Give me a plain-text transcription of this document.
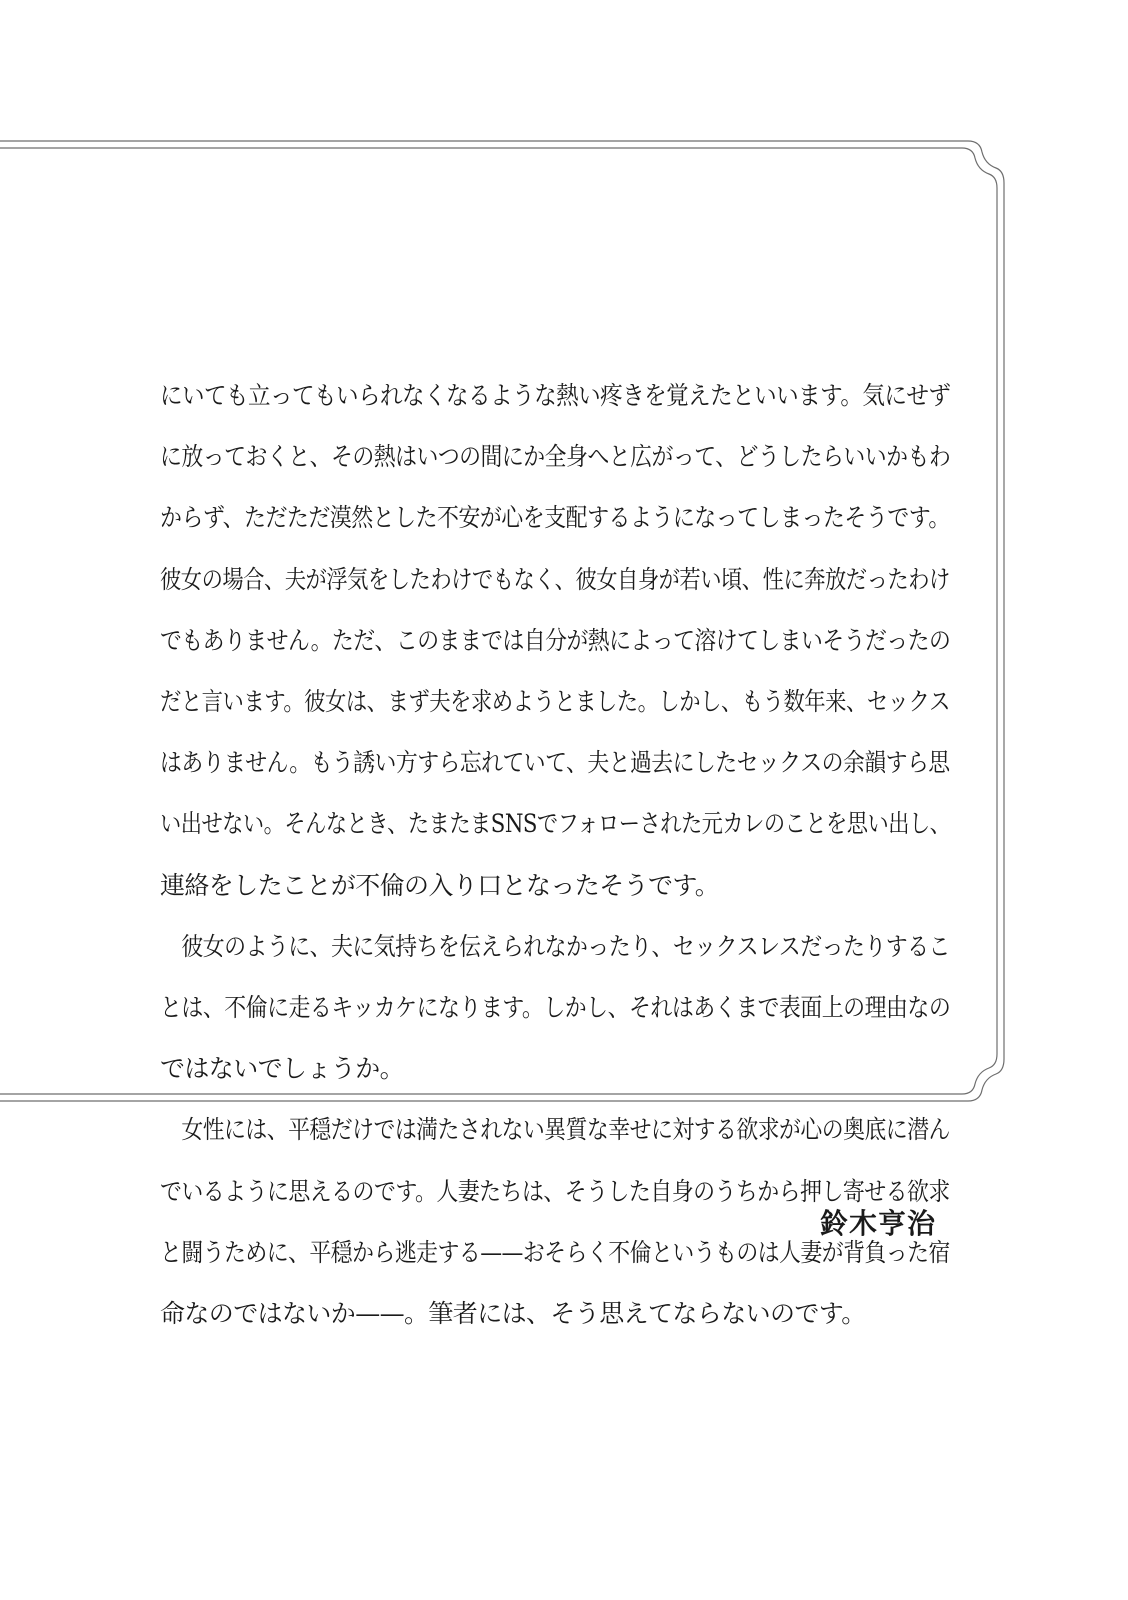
にいても立ってもいられなくなるような熱い疼きを覚えたといいます。気にせず
に放っておくと、その熱はいつの間にか全身へと広がって、どうしたらいいかもわ
からず、ただただ漠然とした不安が心を支配するようになってしまったそうです。
彼女の場合、夫が浮気をしたわけでもなく、彼女自身が若い頃、性に奔放だったわけ
でもありません。ただ、このままでは自分が熱によって溶けてしまいそうだったの
だと言います。彼女は、まず夫を求めようとました。しかし、もう数年来、セックス
はありません。もう誘い方すら忘れていて、夫と過去にしたセックスの余韻すら思
い出せない。そんなとき、たまたまSNSでフォローされた元カレのことを思い出し、
連絡をしたことが不倫の入り口となったそうです。
　彼女のように、夫に気持ちを伝えられなかったり、セックスレスだったりするこ
とは、不倫に走るキッカケになります。しかし、それはあくまで表面上の理由なの
ではないでしょうか。
　女性には、平穏だけでは満たされない異質な幸せに対する欲求が心の奥底に潜ん
でいるように思えるのです。人妻たちは、そうした自身のうちから押し寄せる欲求
と闘うために、平穏から逃走する——おそらく不倫というものは人妻が背負った宿
命なのではないか——。筆者には、そう思えてならないのです。
鈴木亨治
